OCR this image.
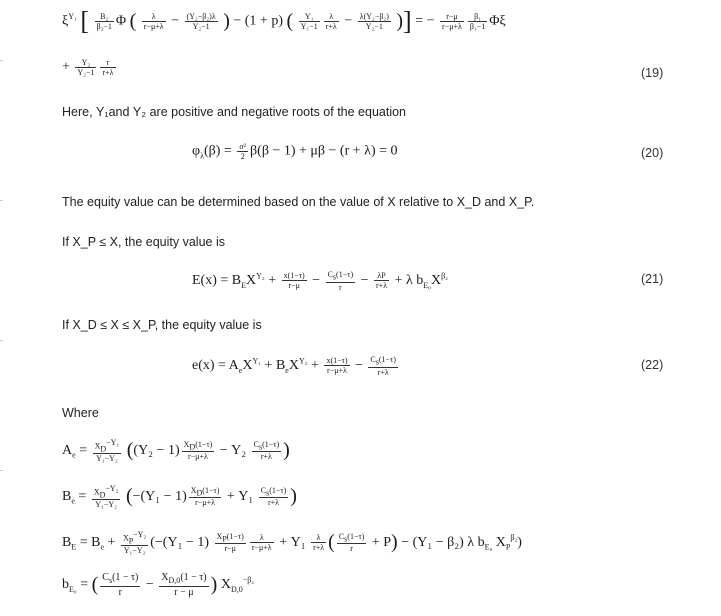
$\xi^{\Upsilon_1}$ [ $\frac{\text{B₂}}{\text{β₂−1}}$ Φ ( $\frac{\lambda}{r-\mu+\lambda} - \frac{\text{(Υ₂−β₂)λ}}{\text{Υ₂−1}}$ ) − (1 + p) ( $\frac{\text{Υ₁}}{\text{Υ₁−1}} \frac{\lambda}{r+\lambda} - \frac{\text{λ(Υ₂−β₂)}}{\text{Υ₂−1}}$ )] = − $\frac{r-\mu}{r-\mu+\lambda} \frac{\text{β₁}}{\text{β₁−1}}$ Φξ
+ $\frac{\text{Υ₂}}{\text{Υ₂−1}} \frac{r}{r+\lambda}$	(19)
Here, Υ₁and Υ₂ are positive and negative roots of the equation
$\varphi_\lambda(\beta) = \frac{\text{σ²}}{2} \beta(\beta - 1) + \mu\beta - (r + \lambda) = 0$	(20)
The equity value can be determined based on the value of X relative to X_D and X_P.
If X_P ≤ X, the equity value is
$E(x) = B_EX^{\Upsilon_2} + \frac{x(1-\tau)}{r-\mu} - \frac{C_s(1-\tau)}{r} - \frac{\lambda P}{r+\lambda} + \lambda$ $b_{E_0}X^{\beta_2}$	(21)
If X_D ≤ X ≤ X_P, the equity value is
$e(x) = A_eX^{\Upsilon_1} + B_eX^{\Upsilon_2} + \frac{x(1-\tau)}{r-\mu+\lambda} - \frac{C_s(1-\tau)}{r+\lambda}$	(22)
Where
$A_e = \frac{X_D^{-\Upsilon_1}}{\text{Υ₁−Υ₂}} ((\Upsilon_2 - 1) \frac{X_D(1-\tau)}{r-\mu+\lambda} - \Upsilon_2 \frac{C_s(1-\tau)}{r+\lambda}$ )
$B_e = \frac{X_D^{-\Upsilon_2}}{\text{Υ₁−Υ₂}} (-(\Upsilon_1 - 1) \frac{X_D(1-\tau)}{r-\mu+\lambda} + \Upsilon_1 \frac{C_s(1-\tau)}{r+\lambda}$ )
$B_E = B_e + \frac{X_P^{-\Upsilon_2}}{\text{Υ₁−Υ₂}} (-(\Upsilon_1 - 1) \frac{X_P(1-\tau)}{r-\mu} \frac{\lambda}{r-\mu+\lambda} + \Upsilon_1 \frac{\lambda}{r+\lambda}$ ( $\frac{C_s(1-\tau)}{r} + P) - (\Upsilon_1 - \beta_2)$ λ $b_{E_0}$ $X_P^{\beta_2}$)
$b_{E_0}$ = ( $\frac{C_s(1 - \tau)}{r} - \frac{X_{D,0}(1 - \tau)}{r - \mu}$ ) $X_{D,0}^{-\beta_2}$
